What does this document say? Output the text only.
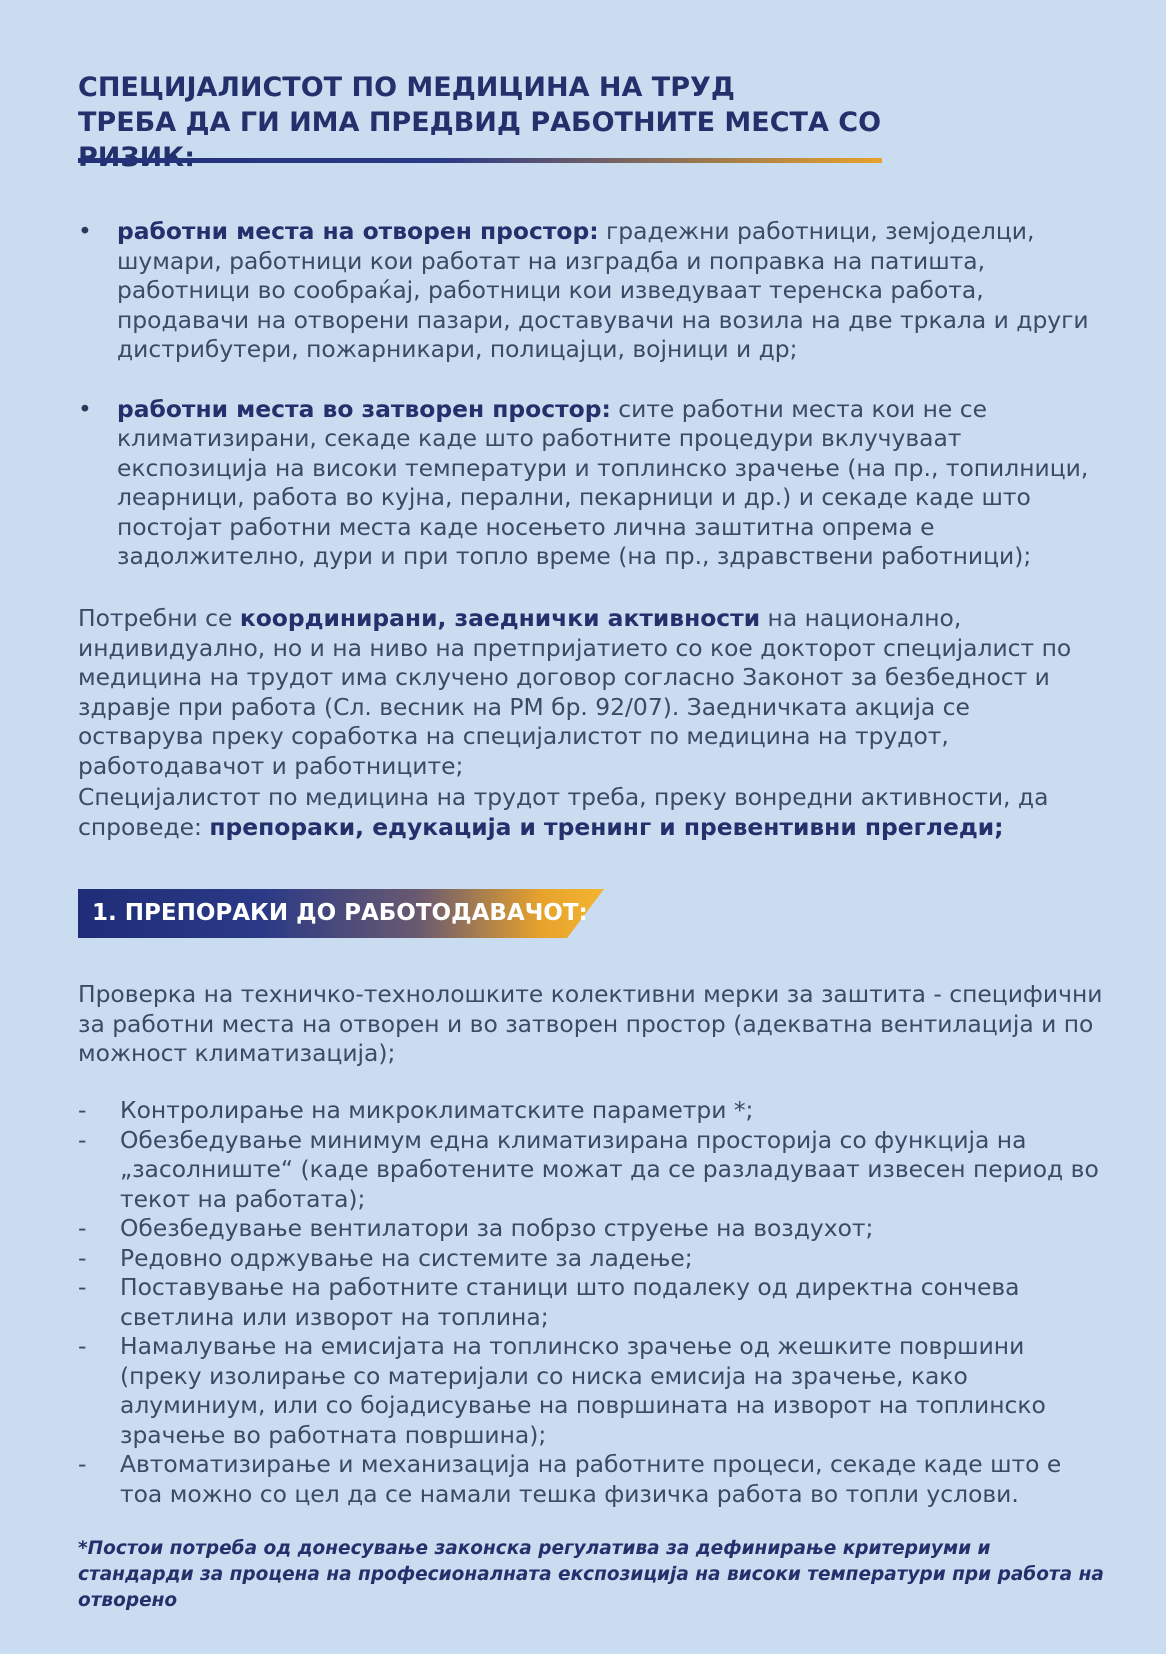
СПЕЦИЈАЛИСТОТ ПО МЕДИЦИНА НА ТРУД
ТРЕБА ДА ГИ ИМА ПРЕДВИД РАБОТНИТЕ МЕСТА СО
• работни места на отворен простор: градежни работници, земјоделци, шумари, работници кои работат на изградба и поправка на патишта, работници во сообраќај, работници кои изведуваат теренска работа, продавачи на отворени пазари, доставувачи на возила на две тркала и други дистрибутери, пожарникари, полицајци, војници и др;
• работни места во затворен простор: сите работни места кои не се климатизирани, секаде каде што работните процедури вклучуваат експозиција на високи температури и топлинско зрачење (на пр., топилници, леарници, работа во кујна, перални, пекарници и др.) и секаде каде што постојат работни места каде носењето лична заштитна опрема е задолжително, дури и при топло време (на пр., здравствени работници);

Потребни се координирани, заеднички активности на национално, индивидуално, но и на ниво на претпријатието со кое докторот специјалист по медицина на трудот има склучено договор согласно Законот за безбедност и здравје при работа (Сл. весник на РМ бр. 92/07). Заедничката акција се остварува преку соработка на специјалистот по медицина на трудот, работодавачот и работниците;

Специјалистот по медицина на трудот треба, преку вонредни активности, да спроведе: препораки, едукација и тренинг и превентивни прегледи;

1. ПРЕПОРАКИ ДО РАБОТОДАВАЧОТ:

Проверка на техничко-технолошките колективни мерки за заштита - специфични за работни места на отворен и во затворен простор (адекватна вентилација и по можност климатизација);

- Контролирање на микроклиматските параметри *;
- Обезбедување минимум една климатизирана просторија со функција на „засолниште“ (каде вработените можат да се разладуваат извесен период во текот на работата);
- Обезбедување вентилатори за побрзо струење на воздухот;
- Редовно одржување на системите за ладење;
- Поставување на работните станици што подалеку од директна сончева светлина или изворот на топлина;
- Намалување на емисијата на топлинско зрачење од жешките површини (преку изолирање со материјали со ниска емисија на зрачење, како алуминиум, или со бојадисување на површината на изворот на топлинско зрачење во работната површина);
- Автоматизирање и механизација на работните процеси, секаде каде што е тоа можно со цел да се намали тешка физичка работа во топли услови.

*Постои потреба од донесување законска регулатива за дефинирање критериуми и стандарди за процена на професионалната експозиција на високи температури при работа на отворено
